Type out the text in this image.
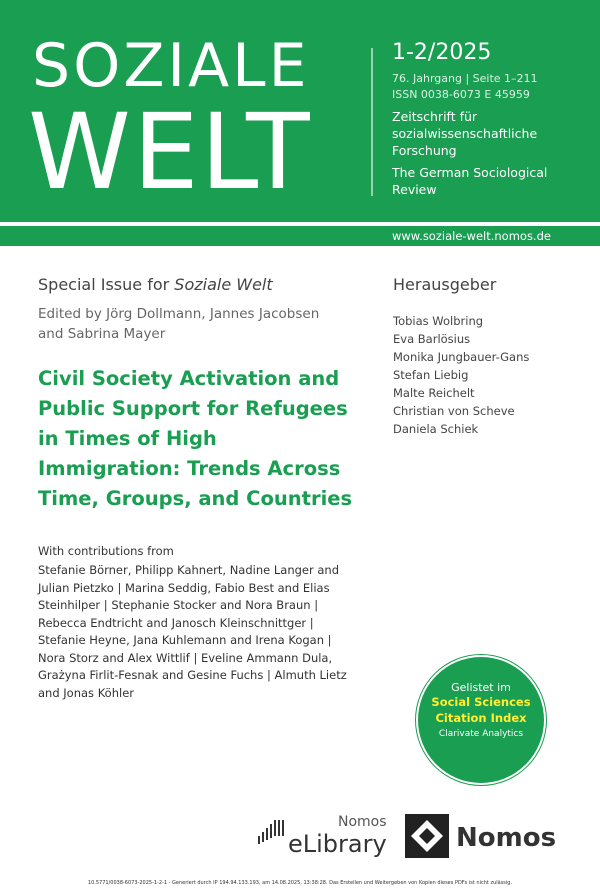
SOZIALE
WELT
1-2/2025
76. Jahrgang | Seite 1–211
ISSN 0038-6073 E 45959
Zeitschrift für sozialwissenschaftliche Forschung
The German Sociological Review
www.soziale-welt.nomos.de
Special Issue for Soziale Welt
Edited by Jörg Dollmann, Jannes Jacobsen and Sabrina Mayer
Civil Society Activation and Public Support for Refugees in Times of High Immigration: Trends Across Time, Groups, and Countries
With contributions from
Stefanie Börner, Philipp Kahnert, Nadine Langer and Julian Pietzko | Marina Seddig, Fabio Best and Elias Steinhilper | Stephanie Stocker and Nora Braun | Rebecca Endtricht and Janosch Kleinschnittger | Stefanie Heyne, Jana Kuhlemann and Irena Kogan | Nora Storz and Alex Wittlif | Eveline Ammann Dula, Grażyna Firlit-Fesnak and Gesine Fuchs | Almuth Lietz and Jonas Köhler
Herausgeber
Tobias Wolbring
Eva Barlösius
Monika Jungbauer-Gans
Stefan Liebig
Malte Reichelt
Christian von Scheve
Daniela Schiek
Gelistet im
Social Sciences
Citation Index
Clarivate Analytics
Nomos
eLibrary	Nomos
10.5771/0038-6073-2025-1-2-1 - Generiert durch IP 194.94.133.193, am 14.08.2025, 13:38:28. Das Erstellen und Weitergeben von Kopien dieses PDFs ist nicht zulässig.
